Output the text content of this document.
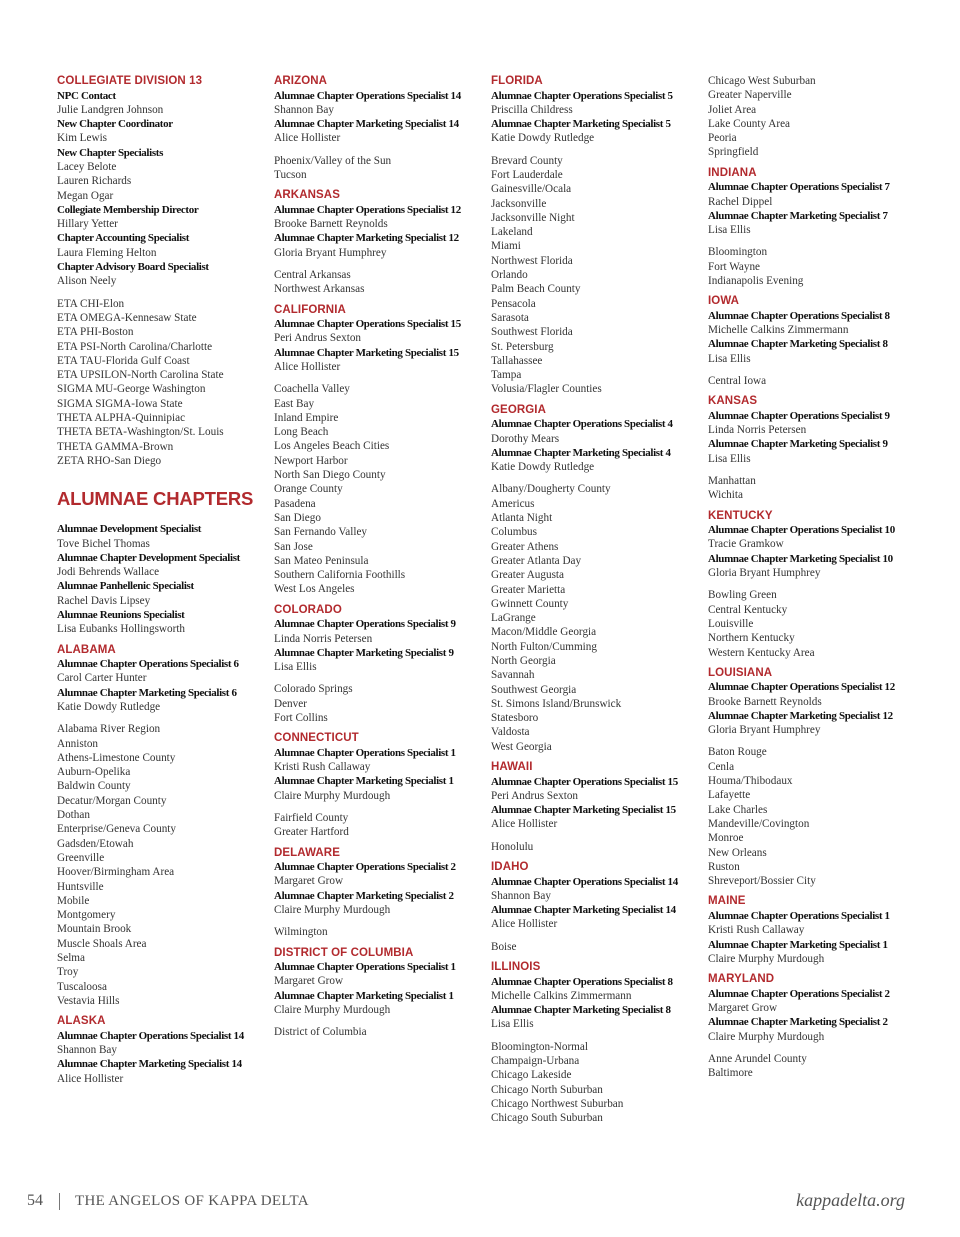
COLLEGIATE DIVISION 13
NPC Contact
Julie Landgren Johnson
New Chapter Coordinator
Kim Lewis
New Chapter Specialists
Lacey Belote
Lauren Richards
Megan Ogar
Collegiate Membership Director
Hillary Yetter
Chapter Accounting Specialist
Laura Fleming Helton
Chapter Advisory Board Specialist
Alison Neely
ETA CHI-Elon
ETA OMEGA-Kennesaw State
ETA PHI-Boston
ETA PSI-North Carolina/Charlotte
ETA TAU-Florida Gulf Coast
ETA UPSILON-North Carolina State
SIGMA MU-George Washington
SIGMA SIGMA-Iowa State
THETA ALPHA-Quinnipiac
THETA BETA-Washington/St. Louis
THETA GAMMA-Brown
ZETA RHO-San Diego
ALUMNAE CHAPTERS
Alumnae Development Specialist
Tove Bichel Thomas
Alumnae Chapter Development Specialist
Jodi Behrends Wallace
Alumnae Panhellenic Specialist
Rachel Davis Lipsey
Alumnae Reunions Specialist
Lisa Eubanks Hollingsworth
ALABAMA
Alumnae Chapter Operations Specialist 6
Carol Carter Hunter
Alumnae Chapter Marketing Specialist 6
Katie Dowdy Rutledge
Alabama River Region
Anniston
Athens-Limestone County
Auburn-Opelika
Baldwin County
Decatur/Morgan County
Dothan
Enterprise/Geneva County
Gadsden/Etowah
Greenville
Hoover/Birmingham Area
Huntsville
Mobile
Montgomery
Mountain Brook
Muscle Shoals Area
Selma
Troy
Tuscaloosa
Vestavia Hills
ALASKA
Alumnae Chapter Operations Specialist 14
Shannon Bay
Alumnae Chapter Marketing Specialist 14
Alice Hollister
ARIZONA
Alumnae Chapter Operations Specialist 14
Shannon Bay
Alumnae Chapter Marketing Specialist 14
Alice Hollister
Phoenix/Valley of the Sun
Tucson
ARKANSAS
Alumnae Chapter Operations Specialist 12
Brooke Barnett Reynolds
Alumnae Chapter Marketing Specialist 12
Gloria Bryant Humphrey
Central Arkansas
Northwest Arkansas
CALIFORNIA
Alumnae Chapter Operations Specialist 15
Peri Andrus Sexton
Alumnae Chapter Marketing Specialist 15
Alice Hollister
Coachella Valley
East Bay
Inland Empire
Long Beach
Los Angeles Beach Cities
Newport Harbor
North San Diego County
Orange County
Pasadena
San Diego
San Fernando Valley
San Jose
San Mateo Peninsula
Southern California Foothills
West Los Angeles
COLORADO
Alumnae Chapter Operations Specialist 9
Linda Norris Petersen
Alumnae Chapter Marketing Specialist 9
Lisa Ellis
Colorado Springs
Denver
Fort Collins
CONNECTICUT
Alumnae Chapter Operations Specialist 1
Kristi Rush Callaway
Alumnae Chapter Marketing Specialist 1
Claire Murphy Murdough
Fairfield County
Greater Hartford
DELAWARE
Alumnae Chapter Operations Specialist 2
Margaret Grow
Alumnae Chapter Marketing Specialist 2
Claire Murphy Murdough
Wilmington
DISTRICT OF COLUMBIA
Alumnae Chapter Operations Specialist 1
Margaret Grow
Alumnae Chapter Marketing Specialist 1
Claire Murphy Murdough
District of Columbia
FLORIDA
Alumnae Chapter Operations Specialist 5
Priscilla Childress
Alumnae Chapter Marketing Specialist 5
Katie Dowdy Rutledge
Brevard County
Fort Lauderdale
Gainesville/Ocala
Jacksonville
Jacksonville Night
Lakeland
Miami
Northwest Florida
Orlando
Palm Beach County
Pensacola
Sarasota
Southwest Florida
St. Petersburg
Tallahassee
Tampa
Volusia/Flagler Counties
GEORGIA
Alumnae Chapter Operations Specialist 4
Dorothy Mears
Alumnae Chapter Marketing Specialist 4
Katie Dowdy Rutledge
Albany/Dougherty County
Americus
Atlanta Night
Columbus
Greater Athens
Greater Atlanta Day
Greater Augusta
Greater Marietta
Gwinnett County
LaGrange
Macon/Middle Georgia
North Fulton/Cumming
North Georgia
Savannah
Southwest Georgia
St. Simons Island/Brunswick
Statesboro
Valdosta
West Georgia
HAWAII
Alumnae Chapter Operations Specialist 15
Peri Andrus Sexton
Alumnae Chapter Marketing Specialist 15
Alice Hollister
Honolulu
IDAHO
Alumnae Chapter Operations Specialist 14
Shannon Bay
Alumnae Chapter Marketing Specialist 14
Alice Hollister
Boise
ILLINOIS
Alumnae Chapter Operations Specialist 8
Michelle Calkins Zimmermann
Alumnae Chapter Marketing Specialist 8
Lisa Ellis
Bloomington-Normal
Champaign-Urbana
Chicago Lakeside
Chicago North Suburban
Chicago Northwest Suburban
Chicago South Suburban
Chicago West Suburban
Greater Naperville
Joliet Area
Lake County Area
Peoria
Springfield
INDIANA
Alumnae Chapter Operations Specialist 7
Rachel Dippel
Alumnae Chapter Marketing Specialist 7
Lisa Ellis
Bloomington
Fort Wayne
Indianapolis Evening
IOWA
Alumnae Chapter Operations Specialist 8
Michelle Calkins Zimmermann
Alumnae Chapter Marketing Specialist 8
Lisa Ellis
Central Iowa
KANSAS
Alumnae Chapter Operations Specialist 9
Linda Norris Petersen
Alumnae Chapter Marketing Specialist 9
Lisa Ellis
Manhattan
Wichita
KENTUCKY
Alumnae Chapter Operations Specialist 10
Tracie Gramkow
Alumnae Chapter Marketing Specialist 10
Gloria Bryant Humphrey
Bowling Green
Central Kentucky
Louisville
Northern Kentucky
Western Kentucky Area
LOUISIANA
Alumnae Chapter Operations Specialist 12
Brooke Barnett Reynolds
Alumnae Chapter Marketing Specialist 12
Gloria Bryant Humphrey
Baton Rouge
Cenla
Houma/Thibodaux
Lafayette
Lake Charles
Mandeville/Covington
Monroe
New Orleans
Ruston
Shreveport/Bossier City
MAINE
Alumnae Chapter Operations Specialist 1
Kristi Rush Callaway
Alumnae Chapter Marketing Specialist 1
Claire Murphy Murdough
MARYLAND
Alumnae Chapter Operations Specialist 2
Margaret Grow
Alumnae Chapter Marketing Specialist 2
Claire Murphy Murdough
Anne Arundel County
Baltimore
54 THE ANGELOS OF KAPPA DELTA	kappadelta.org
